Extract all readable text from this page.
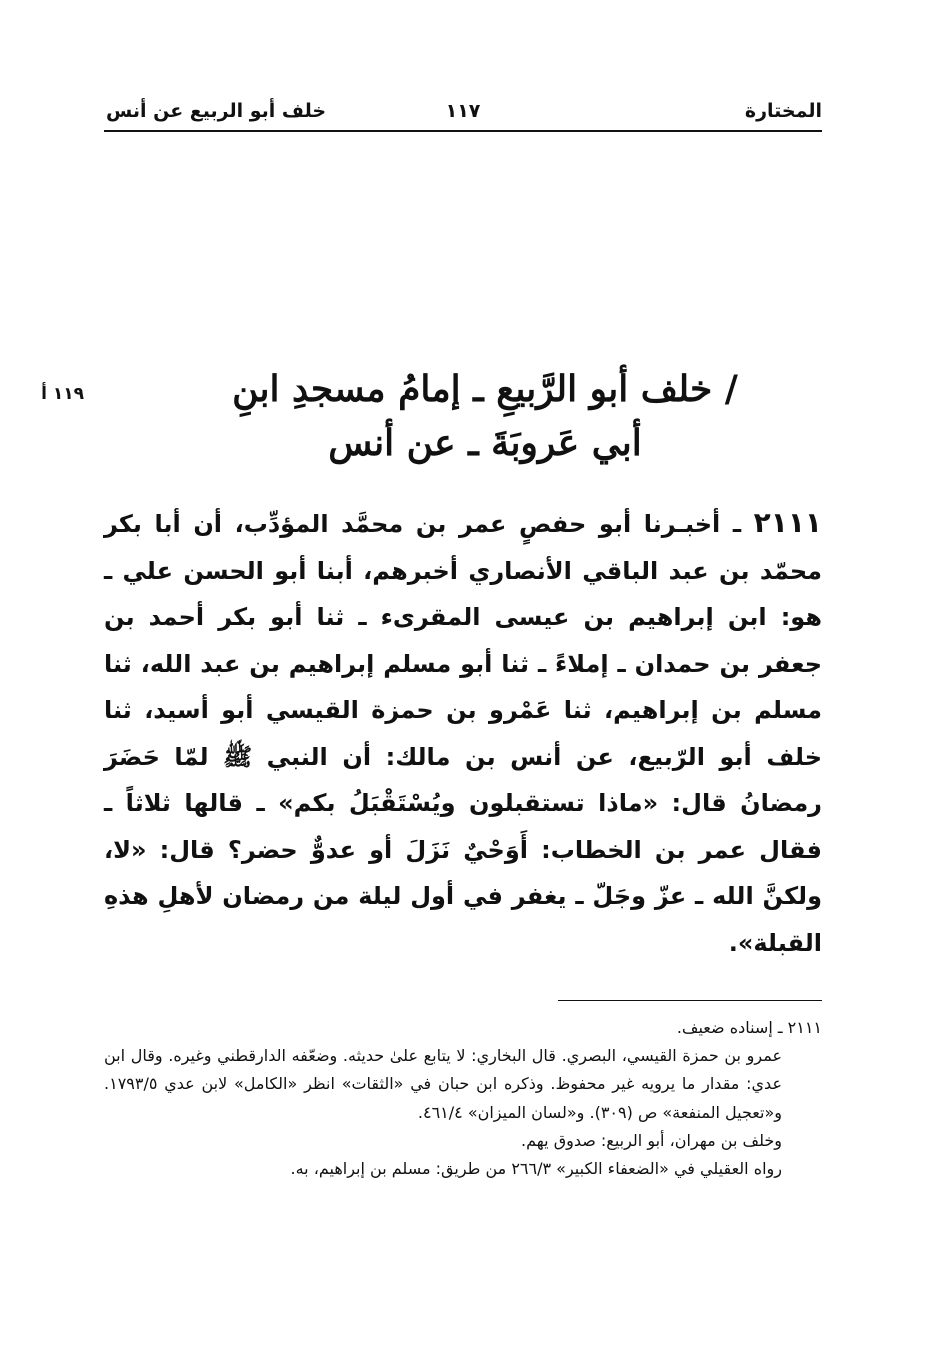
المختارة
١١٧
خلف أبو الربيع عن أنس
١١٩ أ	/ خلف أبو الرَّبيعِ ـ إمامُ مسجدِ ابنِ
أبي عَروبَةَ ـ عن أنس
٢١١١ ـ أخبـرنا أبو حفصٍ عمر بن محمَّد المؤدِّب، أن أبا بكر محمّد بن عبد الباقي الأنصاري أخبرهم، أبنا أبو الحسن علي ـ هو: ابن إبراهيم بن عيسى المقرىء ـ ثنا أبو بكر أحمد بن جعفر بن حمدان ـ إملاءً ـ ثنا أبو مسلم إبراهيم بن عبد الله، ثنا مسلم بن إبراهيم، ثنا عَمْرو بن حمزة القيسي أبو أسيد، ثنا خلف أبو الرّبيع، عن أنس بن مالك: أن النبي ﷺ لمّا حَضَرَ رمضانُ قال: «ماذا تستقبلون ويُسْتَقْبَلُ بكم» ـ قالها ثلاثاً ـ فقال عمر بن الخطاب: أَوَحْيٌ نَزَلَ أو عدوٌّ حضر؟ قال: «لا، ولكنَّ الله ـ عزّ وجَلّ ـ يغفر في أول ليلة من رمضان لأهلِ هذهِ القبلة».
٢١١١ ـ إسناده ضعيف.
عمرو بن حمزة القيسي، البصري. قال البخاري: لا يتابع علىٰ حديثه. وضعّفه الدارقطني وغيره. وقال ابن عدي: مقدار ما يرويه غير محفوظ. وذكره ابن حبان في «الثقات» انظر «الكامل» لابن عدي ١٧٩٣/٥. و«تعجيل المنفعة» ص (٣٠٩). و«لسان الميزان» ٤٦١/٤.
وخلف بن مهران، أبو الربيع: صدوق يهم.
رواه العقيلي في «الضعفاء الكبير» ٢٦٦/٣ من طريق: مسلم بن إبراهيم، به.
